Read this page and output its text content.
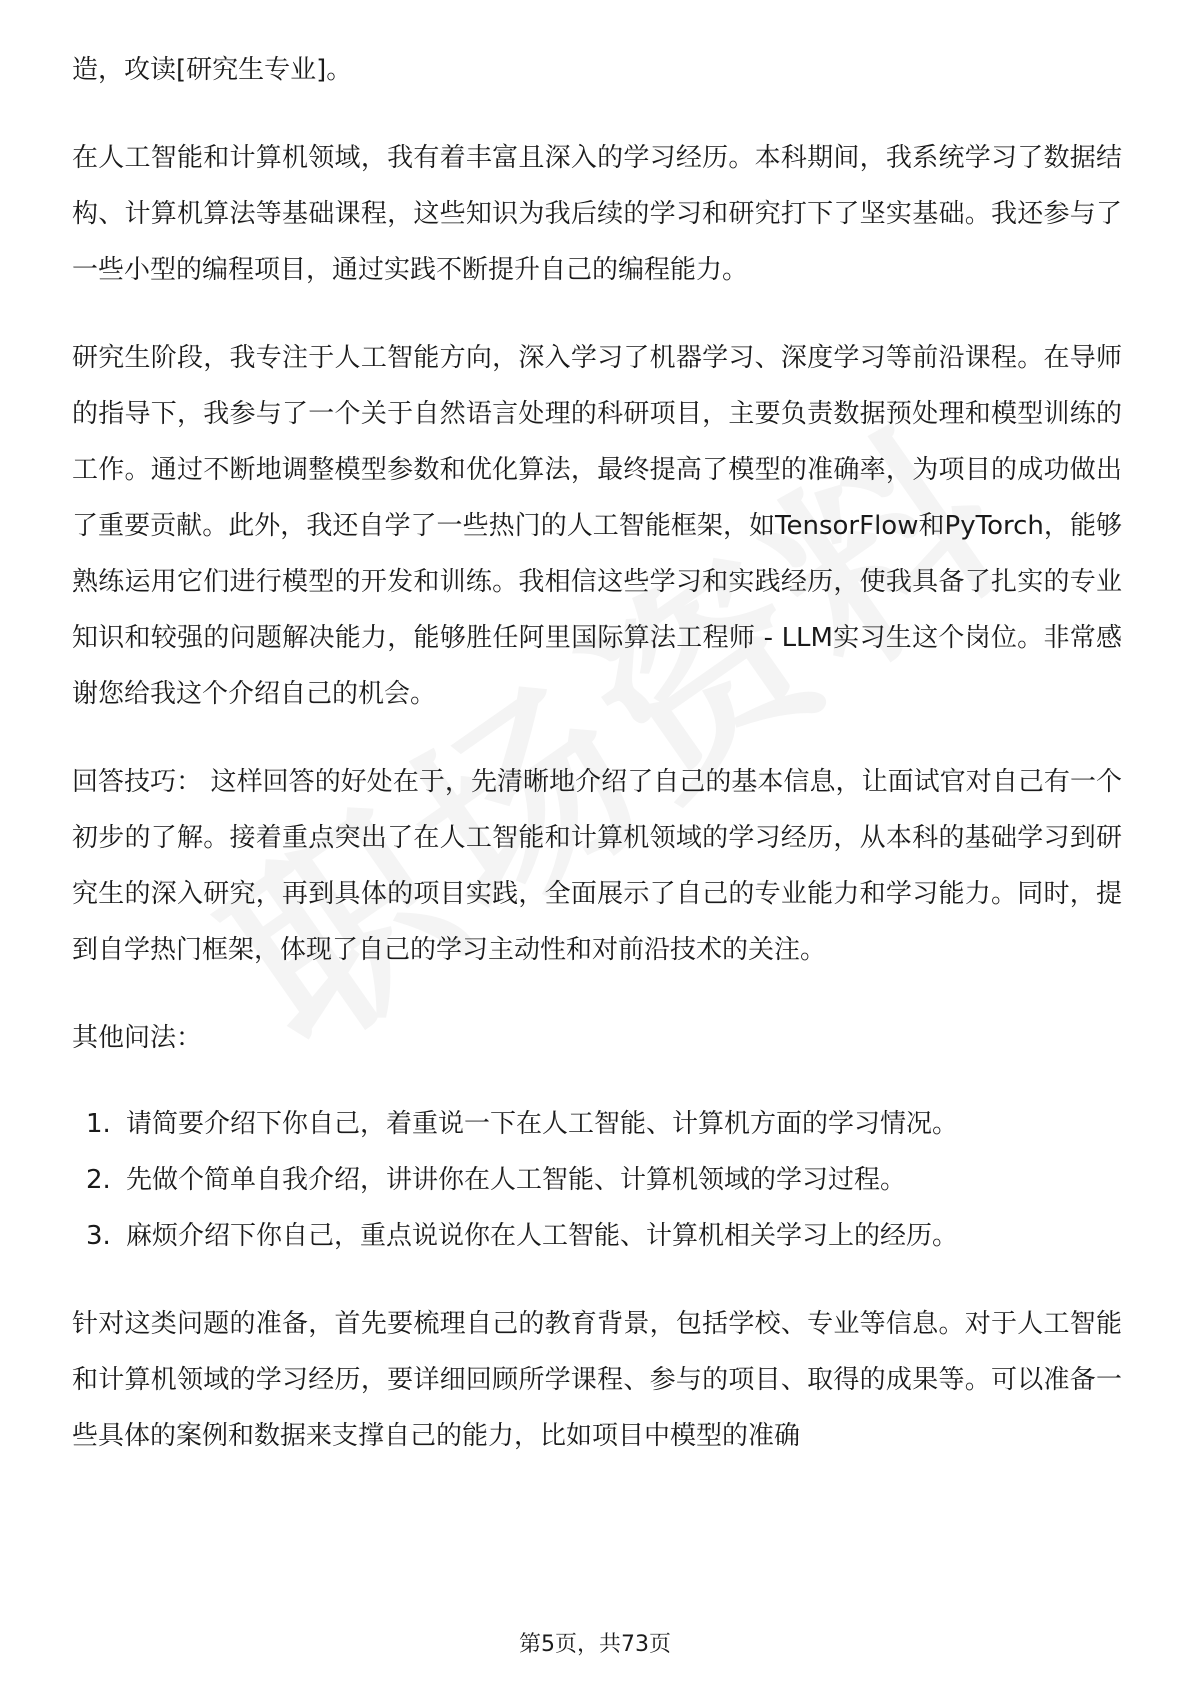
造，攻读[研究生专业]。

在人工智能和计算机领域，我有着丰富且深入的学习经历。本科期间，我系统学习了数据结构、计算机算法等基础课程，这些知识为我后续的学习和研究打下了坚实基础。我还参与了一些小型的编程项目，通过实践不断提升自己的编程能力。

研究生阶段，我专注于人工智能方向，深入学习了机器学习、深度学习等前沿课程。在导师的指导下，我参与了一个关于自然语言处理的科研项目，主要负责数据预处理和模型训练的工作。通过不断地调整模型参数和优化算法，最终提高了模型的准确率，为项目的成功做出了重要贡献。此外，我还自学了一些热门的人工智能框架，如TensorFlow和PyTorch，能够熟练运用它们进行模型的开发和训练。我相信这些学习和实践经历，使我具备了扎实的专业知识和较强的问题解决能力，能够胜任阿里国际算法工程师 - LLM实习生这个岗位。非常感谢您给我这个介绍自己的机会。

回答技巧： 这样回答的好处在于，先清晰地介绍了自己的基本信息，让面试官对自己有一个初步的了解。接着重点突出了在人工智能和计算机领域的学习经历，从本科的基础学习到研究生的深入研究，再到具体的项目实践，全面展示了自己的专业能力和学习能力。同时，提到自学热门框架，体现了自己的学习主动性和对前沿技术的关注。

其他问法：

1. 请简要介绍下你自己，着重说一下在人工智能、计算机方面的学习情况。
2. 先做个简单自我介绍，讲讲你在人工智能、计算机领域的学习过程。
3. 麻烦介绍下你自己，重点说说你在人工智能、计算机相关学习上的经历。

针对这类问题的准备，首先要梳理自己的教育背景，包括学校、专业等信息。对于人工智能和计算机领域的学习经历，要详细回顾所学课程、参与的项目、取得的成果等。可以准备一些具体的案例和数据来支撑自己的能力，比如项目中模型的准确

第5页，共73页
